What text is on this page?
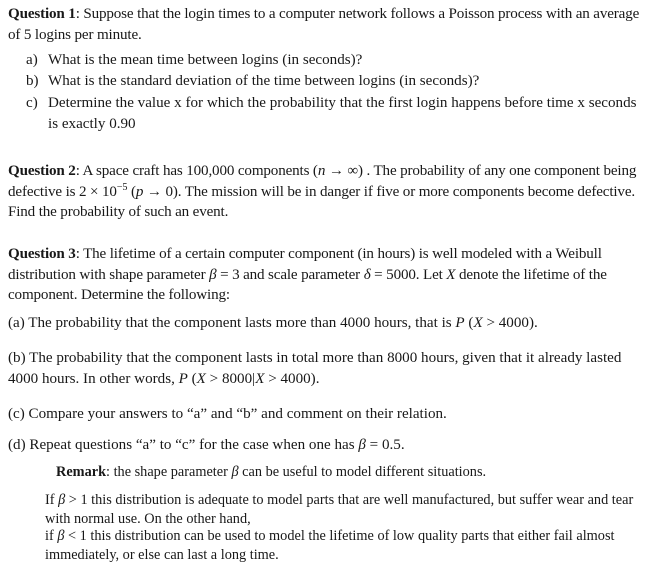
Question 1: Suppose that the login times to a computer network follows a Poisson process with an average of 5 logins per minute.
a) What is the mean time between logins (in seconds)?
b) What is the standard deviation of the time between logins (in seconds)?
c) Determine the value x for which the probability that the first login happens before time x seconds is exactly 0.90
Question 2: A space craft has 100,000 components (n → ∞) . The probability of any one component being defective is $2 \times 10^{-5}$ (p → 0). The mission will be in danger if five or more components become defective. Find the probability of such an event.
Question 3: The lifetime of a certain computer component (in hours) is well modeled with a Weibull distribution with shape parameter β = 3 and scale parameter δ = 5000. Let X denote the lifetime of the component. Determine the following:
(a) The probability that the component lasts more than 4000 hours, that is P (X > 4000).
(b) The probability that the component lasts in total more than 8000 hours, given that it already lasted 4000 hours. In other words, P (X > 8000|X > 4000).
(c) Compare your answers to “a” and “b” and comment on their relation.
(d) Repeat questions “a” to “c” for the case when one has β = 0.5.
Remark: the shape parameter β can be useful to model different situations.
If β > 1 this distribution is adequate to model parts that are well manufactured, but suffer wear and tear with normal use. On the other hand,
if β < 1 this distribution can be used to model the lifetime of low quality parts that either fail almost immediately, or else can last a long time.
